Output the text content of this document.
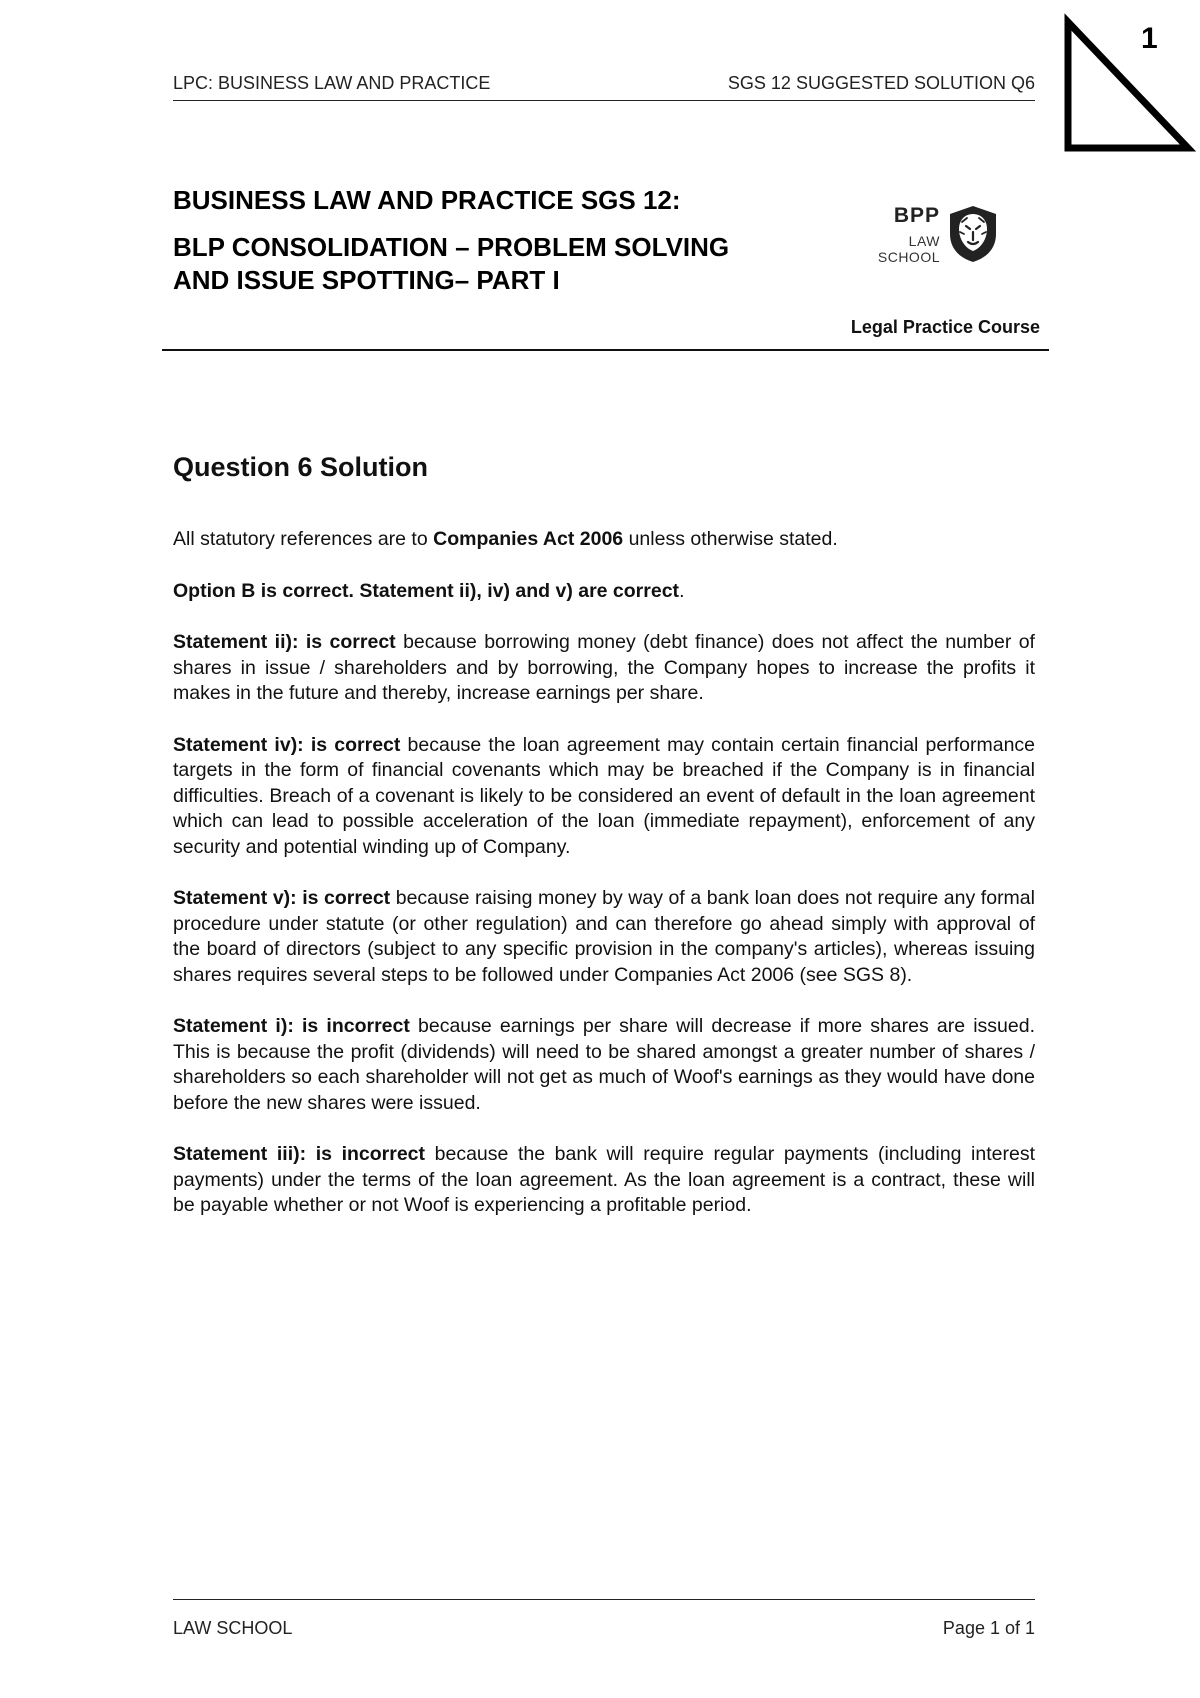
LPC: BUSINESS LAW AND PRACTICE	SGS 12 SUGGESTED SOLUTION Q6
1

BUSINESS LAW AND PRACTICE SGS 12:

BLP CONSOLIDATION – PROBLEM SOLVING

AND ISSUE SPOTTING– PART I

BPP
LAW
SCHOOL
Legal Practice Course
Question 6 Solution

All statutory references are to Companies Act 2006 unless otherwise stated.

Option B is correct. Statement ii), iv) and v) are correct.

Statement ii): is correct because borrowing money (debt finance) does not affect the number of shares in issue / shareholders and by borrowing, the Company hopes to increase the profits it makes in the future and thereby, increase earnings per share.

Statement iv): is correct because the loan agreement may contain certain financial performance targets in the form of financial covenants which may be breached if the Company is in financial difficulties. Breach of a covenant is likely to be considered an event of default in the loan agreement which can lead to possible acceleration of the loan (immediate repayment), enforcement of any security and potential winding up of Company.

Statement v): is correct because raising money by way of a bank loan does not require any formal procedure under statute (or other regulation) and can therefore go ahead simply with approval of the board of directors (subject to any specific provision in the company's articles), whereas issuing shares requires several steps to be followed under Companies Act 2006 (see SGS 8).

Statement i): is incorrect because earnings per share will decrease if more shares are issued. This is because the profit (dividends) will need to be shared amongst a greater number of shares / shareholders so each shareholder will not get as much of Woof's earnings as they would have done before the new shares were issued.

Statement iii): is incorrect because the bank will require regular payments (including interest payments) under the terms of the loan agreement. As the loan agreement is a contract, these will be payable whether or not Woof is experiencing a profitable period.

LAW SCHOOL	Page 1 of 1
